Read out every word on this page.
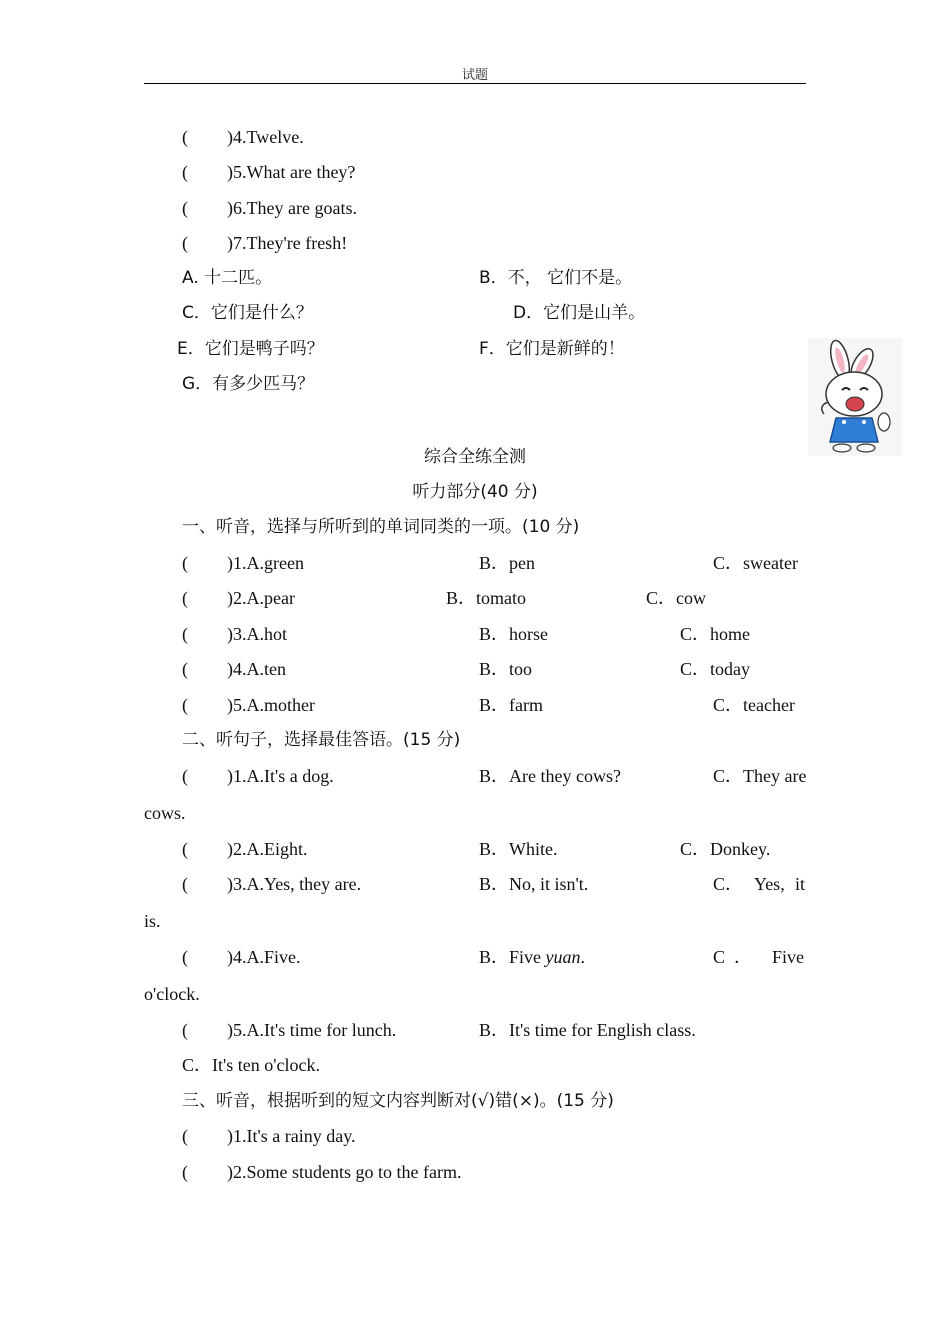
试题
( )4.Twelve.
( )5.What are they?
( )6.They are goats.
( )7.They're fresh!
A. 十二匹。	B．不， 它们不是。
C．它们是什么？	D．它们是山羊。
E．它们是鸭子吗？	F．它们是新鲜的！
G．有多少匹马？
综合全练全测
听力部分(40 分)
一、听音，选择与所听到的单词同类的一项。(10 分)
( )1.A.green	B．pen	C．sweater
( )2.A.pear	B．tomato	C．cow
( )3.A.hot	B．horse	C．home
( )4.A.ten	B．too	C．today
( )5.A.mother	B．farm	C．teacher
二、听句子，选择最佳答语。(15 分)
( )1.A.It's a dog.	B．Are they cows?	C．They are
cows.
( )2.A.Eight.	B．White.	C．Donkey.
( )3.A.Yes, they are.	B．No, it isn't.	C． Yes, it
is.
( )4.A.Five.	B．Five yuan.	C ． Five
o'clock.
( )5.A.It's time for lunch.	B．It's time for English class.
C．It's ten o'clock.
三、听音，根据听到的短文内容判断对(√)错(×)。(15 分)
( )1.It's a rainy day.
( )2.Some students go to the farm.
